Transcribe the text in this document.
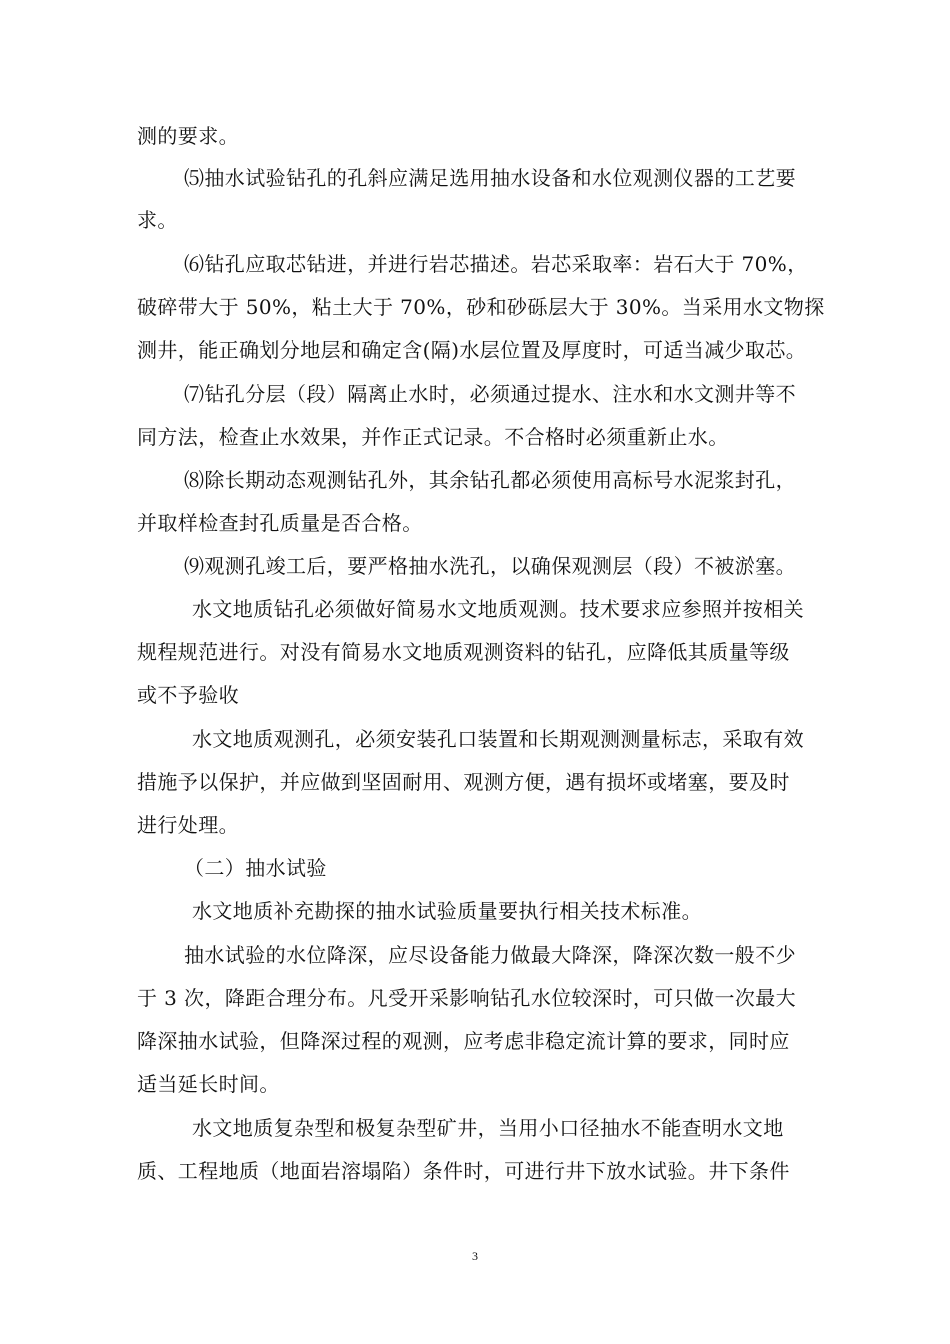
测的要求。
⑸抽水试验钻孔的孔斜应满足选用抽水设备和水位观测仪器的工艺要
求。
⑹钻孔应取芯钻进，并进行岩芯描述。岩芯采取率：岩石大于 70%，
破碎带大于 50%，粘土大于 70%，砂和砂砾层大于 30%。当采用水文物探
测井，能正确划分地层和确定含(隔)水层位置及厚度时，可适当减少取芯。
⑺钻孔分层（段）隔离止水时，必须通过提水、注水和水文测井等不
同方法，检查止水效果，并作正式记录。不合格时必须重新止水。
⑻除长期动态观测钻孔外，其余钻孔都必须使用高标号水泥浆封孔，
并取样检查封孔质量是否合格。
⑼观测孔竣工后，要严格抽水洗孔，以确保观测层（段）不被淤塞。
水文地质钻孔必须做好简易水文地质观测。技术要求应参照并按相关
规程规范进行。对没有简易水文地质观测资料的钻孔，应降低其质量等级
或不予验收
水文地质观测孔，必须安装孔口装置和长期观测测量标志，采取有效
措施予以保护，并应做到坚固耐用、观测方便，遇有损坏或堵塞，要及时
进行处理。
（二）抽水试验
水文地质补充勘探的抽水试验质量要执行相关技术标准。
抽水试验的水位降深，应尽设备能力做最大降深，降深次数一般不少
于 3 次，降距合理分布。凡受开采影响钻孔水位较深时，可只做一次最大
降深抽水试验，但降深过程的观测，应考虑非稳定流计算的要求，同时应
适当延长时间。
水文地质复杂型和极复杂型矿井，当用小口径抽水不能查明水文地
质、工程地质（地面岩溶塌陷）条件时，可进行井下放水试验。井下条件
3
